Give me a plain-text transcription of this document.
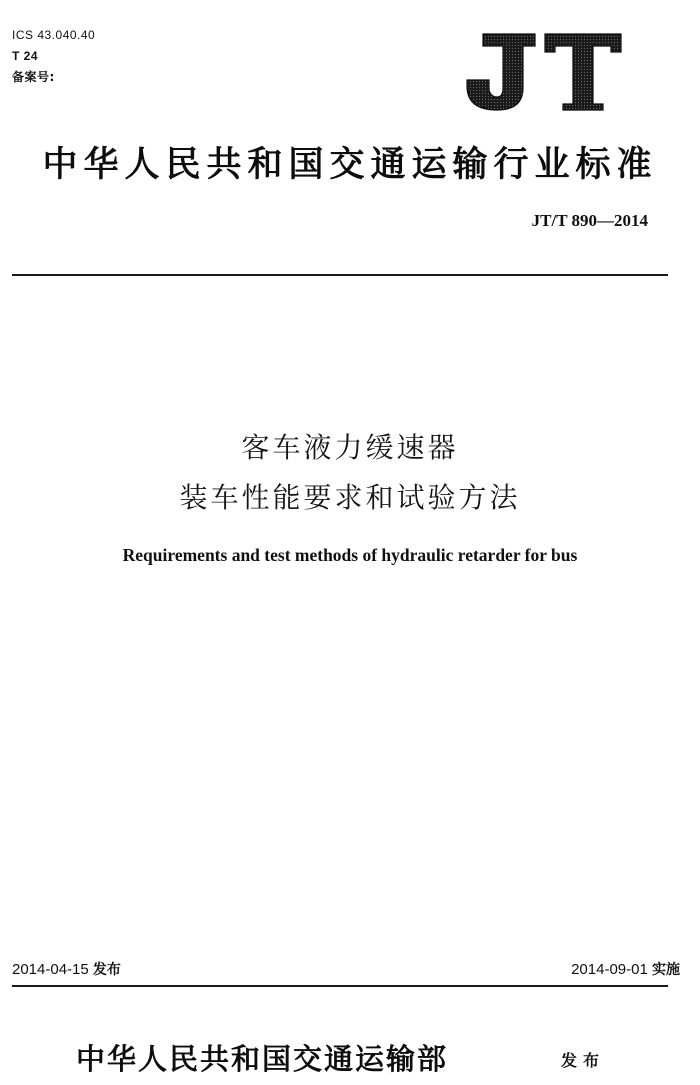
ICS 43.040.40
T 24
备案号:
中华人民共和国交通运输行业标准
JT/T 890—2014
客车液力缓速器
装车性能要求和试验方法
Requirements and test methods of hydraulic retarder for bus
2014-04-15 发布	2014-09-01 实施
中华人民共和国交通运输部	发布
